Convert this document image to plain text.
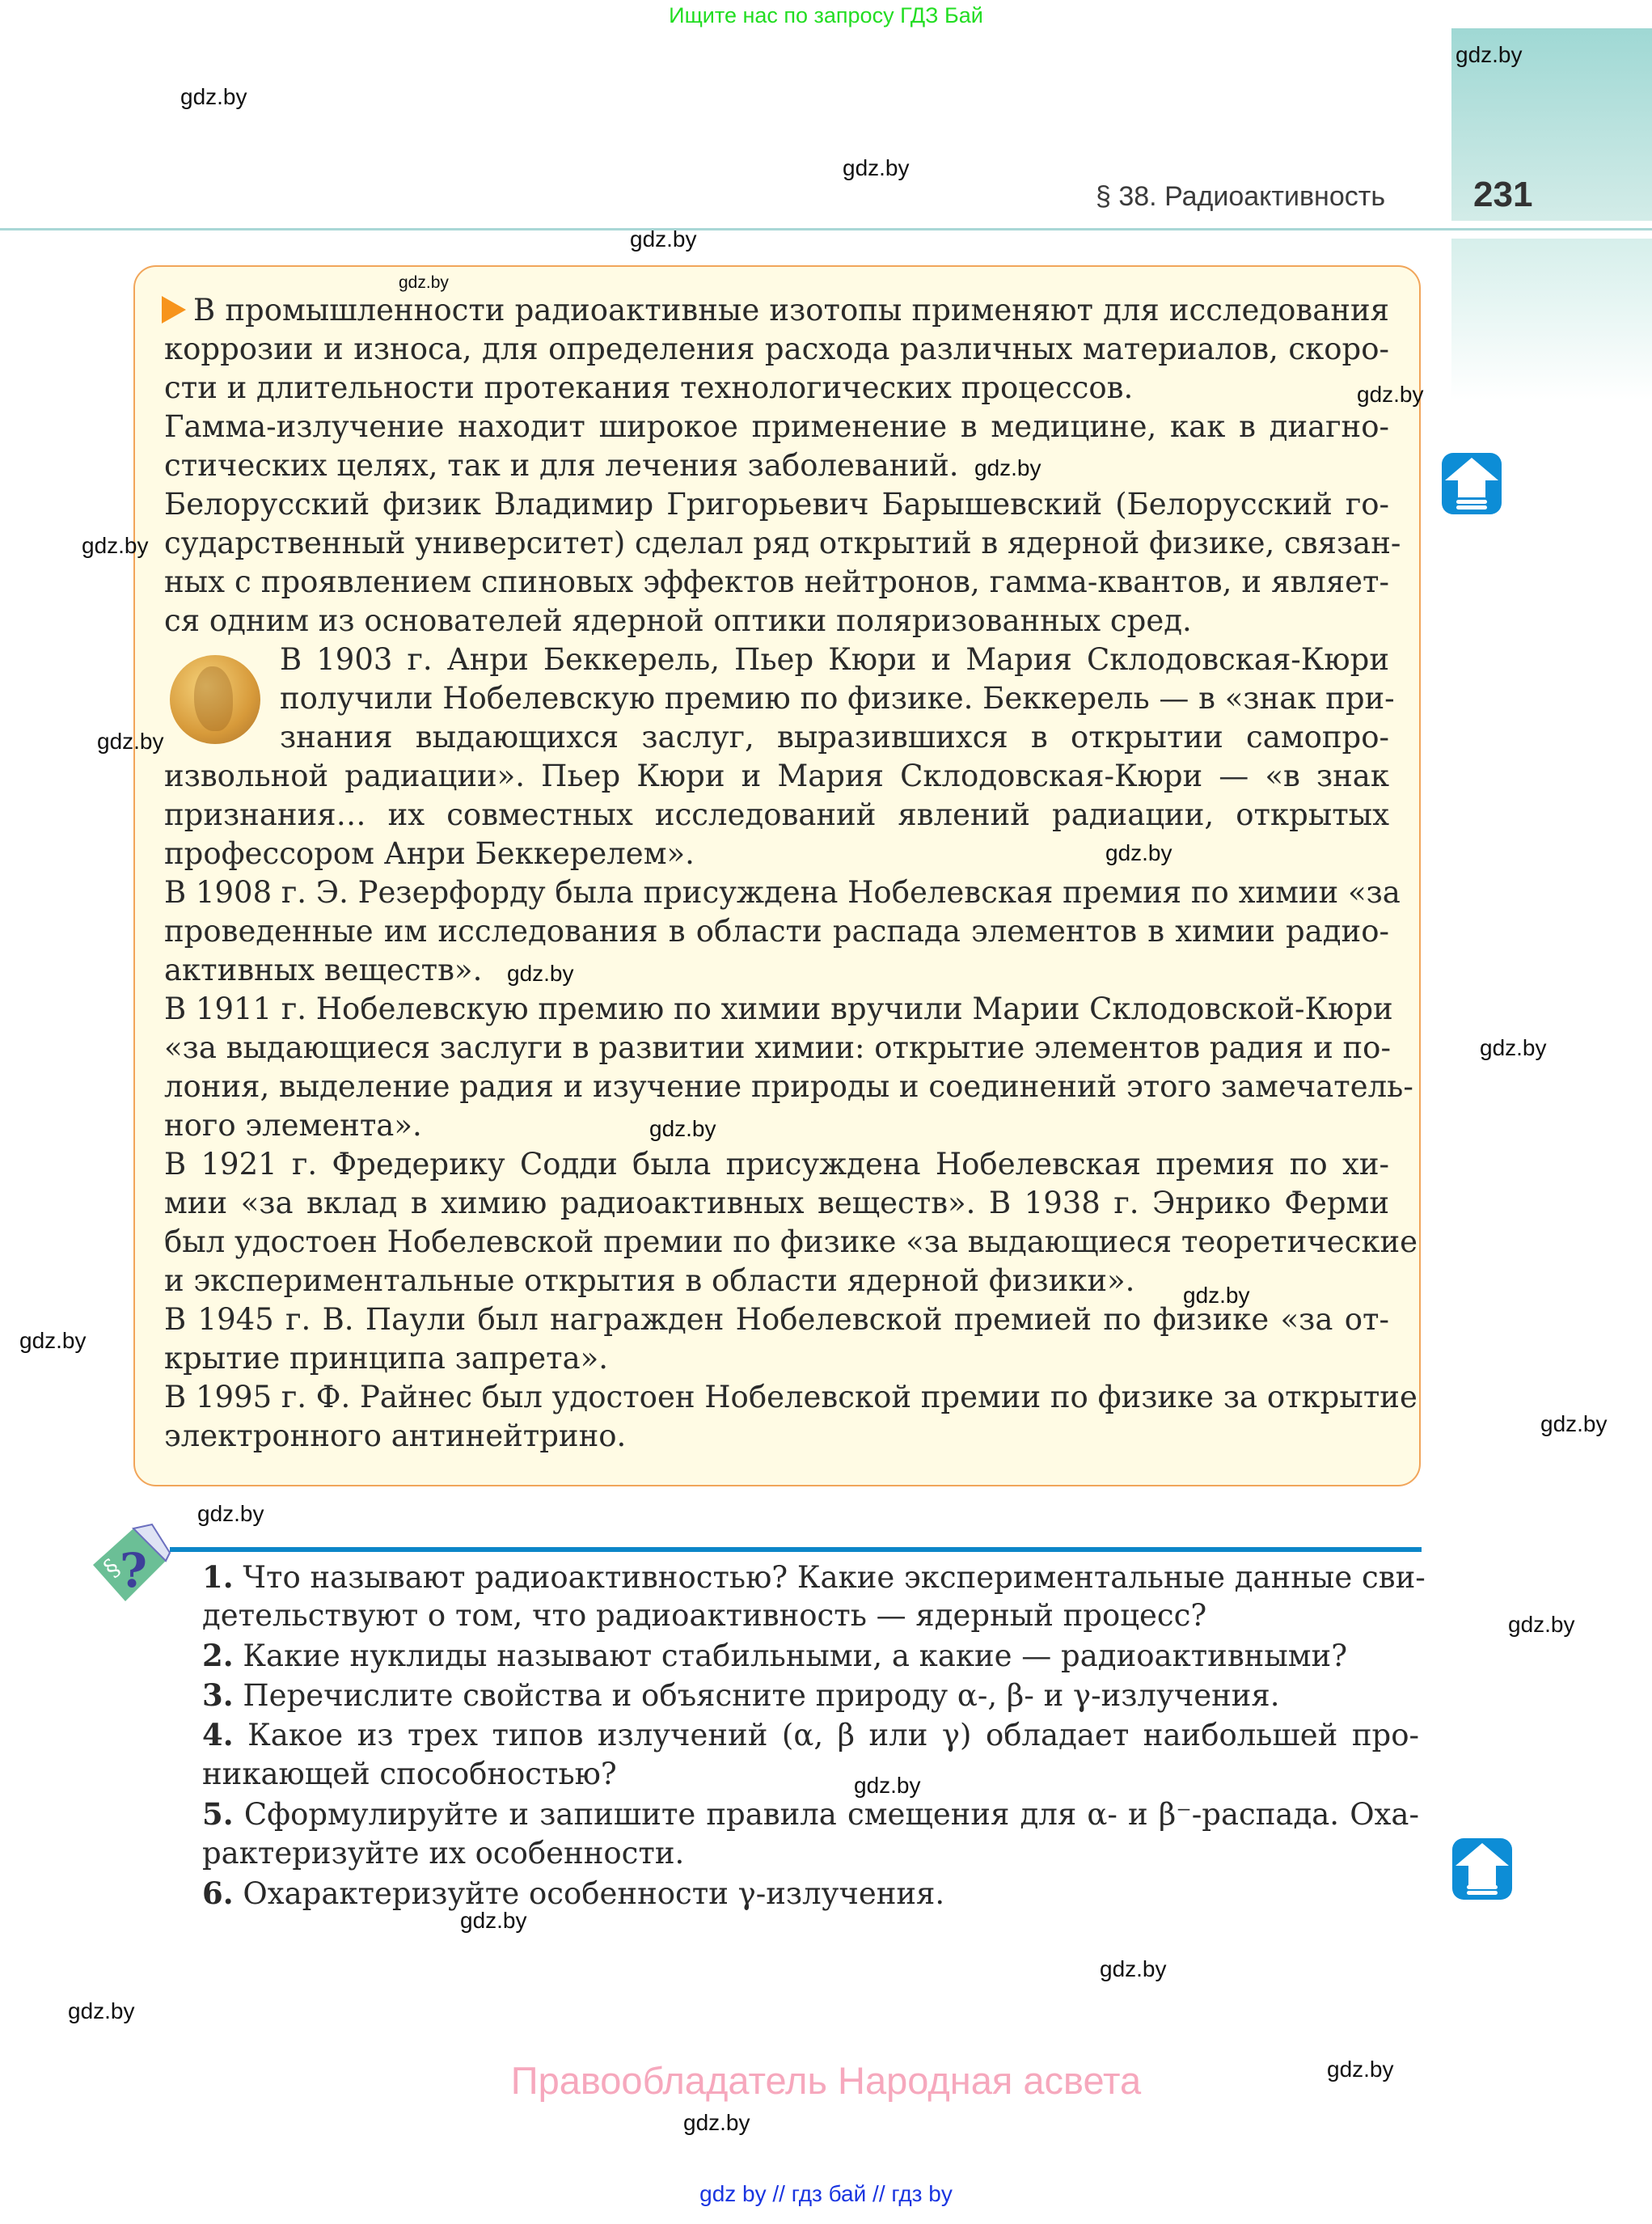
Ищите нас по запросу ГДЗ Бай
§ 38. Радиоактивность 231
В промышленности радиоактивные изотопы применяют для исследования
коррозии и износа, для определения расхода различных материалов, скоро-
сти и длительности протекания технологических процессов.
Гамма-излучение находит широкое применение в медицине, как в диагно-
стических целях, так и для лечения заболеваний.
Белорусский физик Владимир Григорьевич Барышевский (Белорусский го-
сударственный университет) сделал ряд открытий в ядерной физике, связан-
ных с проявлением спиновых эффектов нейтронов, гамма-квантов, и являет-
ся одним из основателей ядерной оптики поляризованных сред.
В 1903 г. Анри Беккерель, Пьер Кюри и Мария Склодовская-Кюри
получили Нобелевскую премию по физике. Беккерель — в «знак при-
знания выдающихся заслуг, выразившихся в открытии самопро-
извольной радиации». Пьер Кюри и Мария Склодовская-Кюри — «в знак
признания… их совместных исследований явлений радиации, открытых
профессором Анри Беккерелем».
В 1908 г. Э. Резерфорду была присуждена Нобелевская премия по химии «за
проведенные им исследования в области распада элементов в химии радио-
активных веществ».
В 1911 г. Нобелевскую премию по химии вручили Марии Склодовской-Кюри
«за выдающиеся заслуги в развитии химии: открытие элементов радия и по-
лония, выделение радия и изучение природы и соединений этого замечатель-
ного элемента».
В 1921 г. Фредерику Содди была присуждена Нобелевская премия по хи-
мии «за вклад в химию радиоактивных веществ». В 1938 г. Энрико Ферми
был удостоен Нобелевской премии по физике «за выдающиеся теоретические
и экспериментальные открытия в области ядерной физики».
В 1945 г. В. Паули был награжден Нобелевской премией по физике «за от-
крытие принципа запрета».
В 1995 г. Ф. Райнес был удостоен Нобелевской премии по физике за открытие
электронного антинейтрино.
§
? 1. Что называют радиоактивностью? Какие экспериментальные данные сви-
детельствуют о том, что радиоактивность — ядерный процесс?
2. Какие нуклиды называют стабильными, а какие — радиоактивными?
3. Перечислите свойства и объясните природу α-, β- и γ-излучения.
4. Какое из трех типов излучений (α, β или γ) обладает наибольшей про-
никающей способностью?
5. Сформулируйте и запишите правила смещения для α- и β⁻-распада. Оха-
рактеризуйте их особенности.
6. Охарактеризуйте особенности γ-излучения.
gdz.by
gdz.by
gdz.by
gdz.by
gdz.by
gdz.by
gdz.by
gdz.by
gdz.by
gdz.by
gdz.by
gdz.by
gdz.by
gdz.by
gdz.by
gdz.by
gdz.by
gdz.by
gdz.by
gdz.by
gdz.by
gdz.by
gdz.by
gdz.by
Правообладатель Народная асвета
gdz by // гдз бай // гдз by
